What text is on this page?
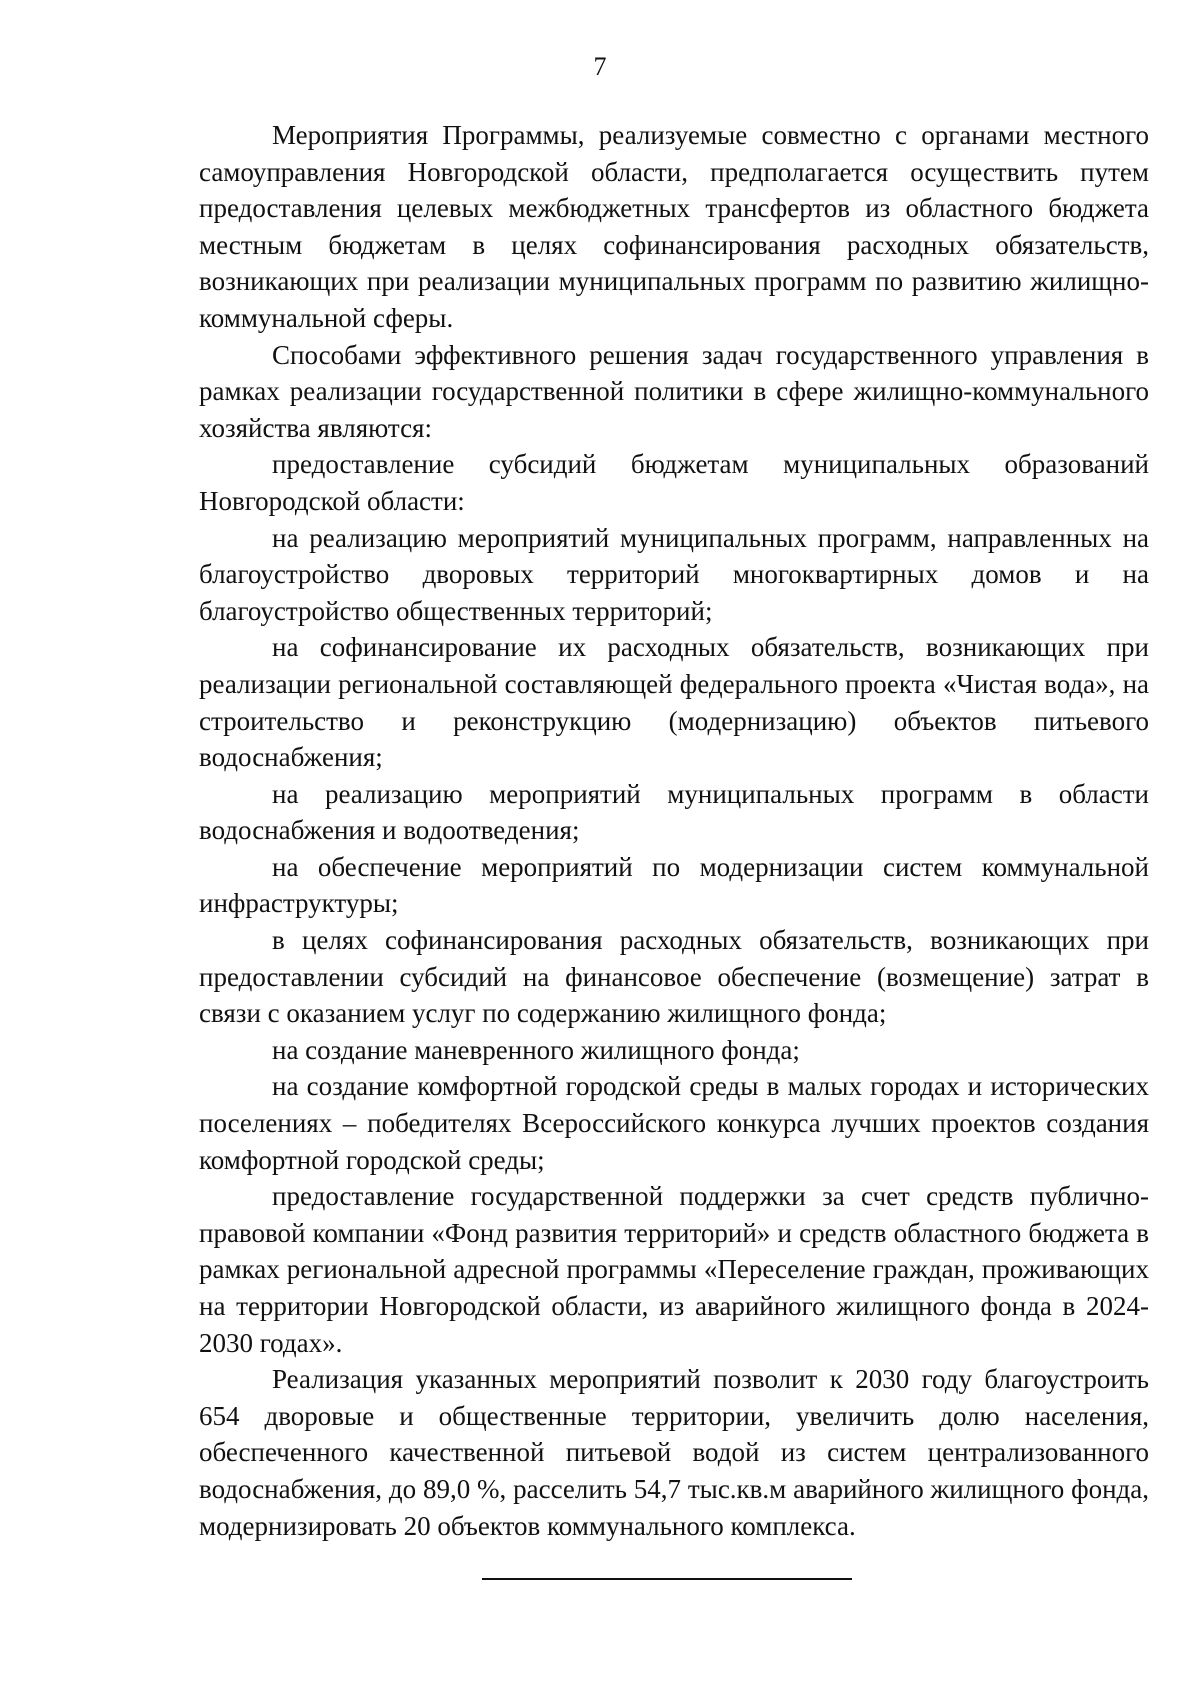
7

Мероприятия Программы, реализуемые совместно с органами местного самоуправления Новгородской области, предполагается осуществить путем предоставления целевых межбюджетных трансфертов из областного бюджета местным бюджетам в целях софинансирования расходных обязательств, возникающих при реализации муниципальных программ по развитию жилищно-коммунальной сферы.

Способами эффективного решения задач государственного управления в рамках реализации государственной политики в сфере жилищно-коммунального хозяйства являются:

предоставление субсидий бюджетам муниципальных образований Новгородской области:

на реализацию мероприятий муниципальных программ, направленных на благоустройство дворовых территорий многоквартирных домов и на благоустройство общественных территорий;

на софинансирование их расходных обязательств, возникающих при реализации региональной составляющей федерального проекта «Чистая вода», на строительство и реконструкцию (модернизацию) объектов питьевого водоснабжения;

на реализацию мероприятий муниципальных программ в области водоснабжения и водоотведения;

на обеспечение мероприятий по модернизации систем коммунальной инфраструктуры;

в целях софинансирования расходных обязательств, возникающих при предоставлении субсидий на финансовое обеспечение (возмещение) затрат в связи с оказанием услуг по содержанию жилищного фонда;

на создание маневренного жилищного фонда;

на создание комфортной городской среды в малых городах и исторических поселениях – победителях Всероссийского конкурса лучших проектов создания комфортной городской среды;

предоставление государственной поддержки за счет средств публично-правовой компании «Фонд развития территорий» и средств областного бюджета в рамках региональной адресной программы «Переселение граждан, проживающих на территории Новгородской области, из аварийного жилищного фонда в 2024-2030 годах».

Реализация указанных мероприятий позволит к 2030 году благоустроить 654 дворовые и общественные территории, увеличить долю населения, обеспеченного качественной питьевой водой из систем централизованного водоснабжения, до 89,0 %, расселить 54,7 тыс.кв.м аварийного жилищного фонда, модернизировать 20 объектов коммунального комплекса.
